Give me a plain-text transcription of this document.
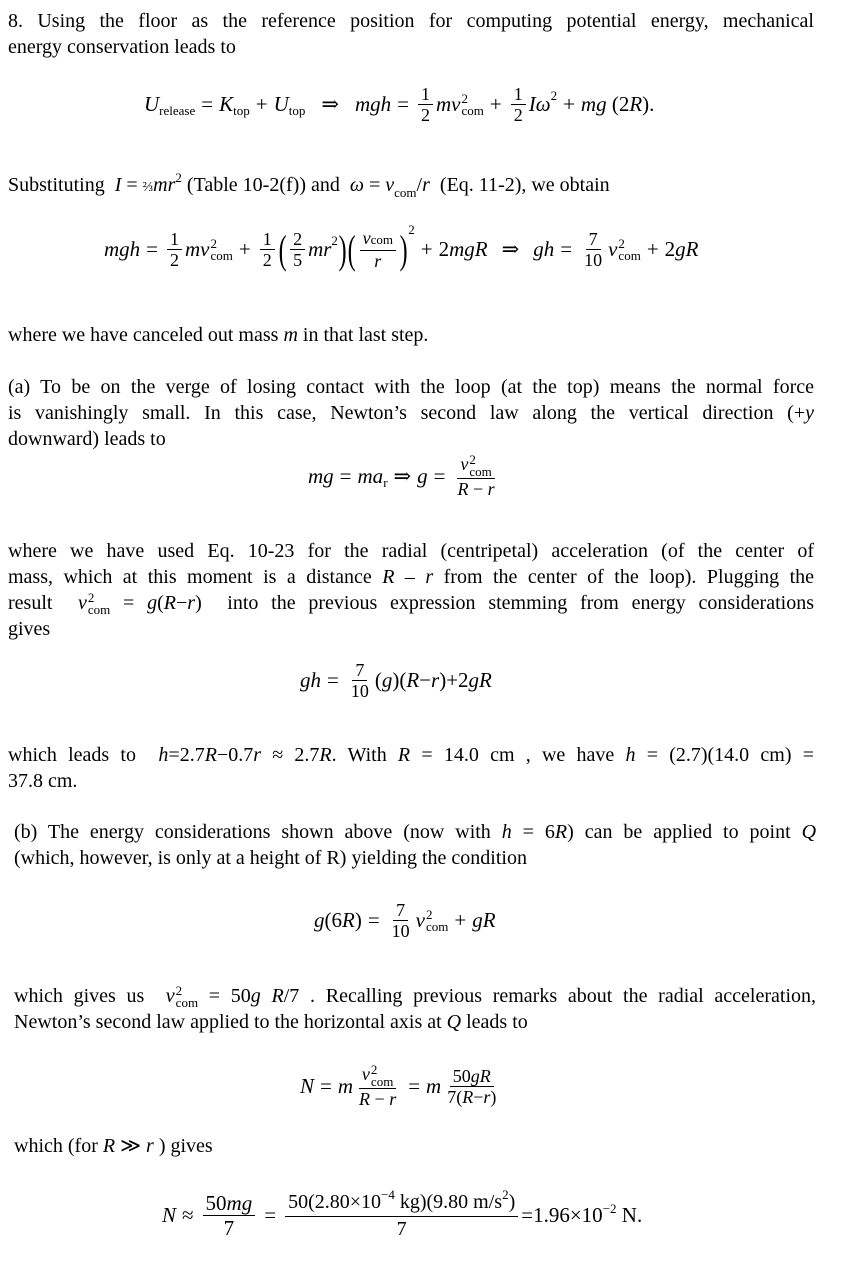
8. Using the floor as the reference position for computing potential energy, mechanical
energy conservation leads to
U release = K top + U top ⇒ mgh = $\frac{1}{2}$ mv 2
com + $\frac{1}{2}$ Iω 2 + mg (2 R ).
Substituting  $I = \frac{2}{3}mr^2$ (Table 10-2(f)) and  $\omega = v_{com}/r$  (Eq. 11-2), we obtain
mgh = $\frac{1}{2}$ mv 2
com + $\frac{1}{2}$ ( $\frac{2}{5}$ mr 2 ) ( $\frac{\text{vcom}}{r}$ ) 2
+ 2 mgR ⇒ gh = $\frac{7}{10}$ v 2
com + 2 gR
where we have canceled out mass m in that last step.
(a) To be on the verge of losing contact with the loop (at the top) means the normal force
is vanishingly small. In this case, Newton’s second law along the vertical direction (+y
downward) leads to
mg = ma r ⇒ g = v 2
com
R − r
where we have used Eq. 10-23 for the radial (centripetal) acceleration (of the center of
mass, which at this moment is a distance R – r from the center of the loop). Plugging the
result  v 2
com = g(R−r)  into the previous expression stemming from energy considerations
gives
gh = $\frac{7}{10}$ ( g )( R − r )+2 gR
which leads to  h=2.7R−0.7r ≈ 2.7R. With R = 14.0 cm , we have h = (2.7)(14.0 cm) =
37.8 cm.
(b) The energy considerations shown above (now with h = 6R) can be applied to point Q
(which, however, is only at a height of R) yielding the condition
g (6 R ) = $\frac{7}{10}$ v 2
com + gR
which gives us  v 2
com = 50g R/7 . Recalling previous remarks about the radial acceleration,
Newton’s second law applied to the horizontal axis at Q leads to
N = m v 2
com
R − r = m $\frac{50gR}{7(R-r)}$
which (for R ≫ r ) gives
$N \approx \frac{50mg}{7} = \frac{50(2.80\times 10^{-4} kg)(9.80 m/s^2)}{7} = 1.96\times 10^{-2}$ N.
